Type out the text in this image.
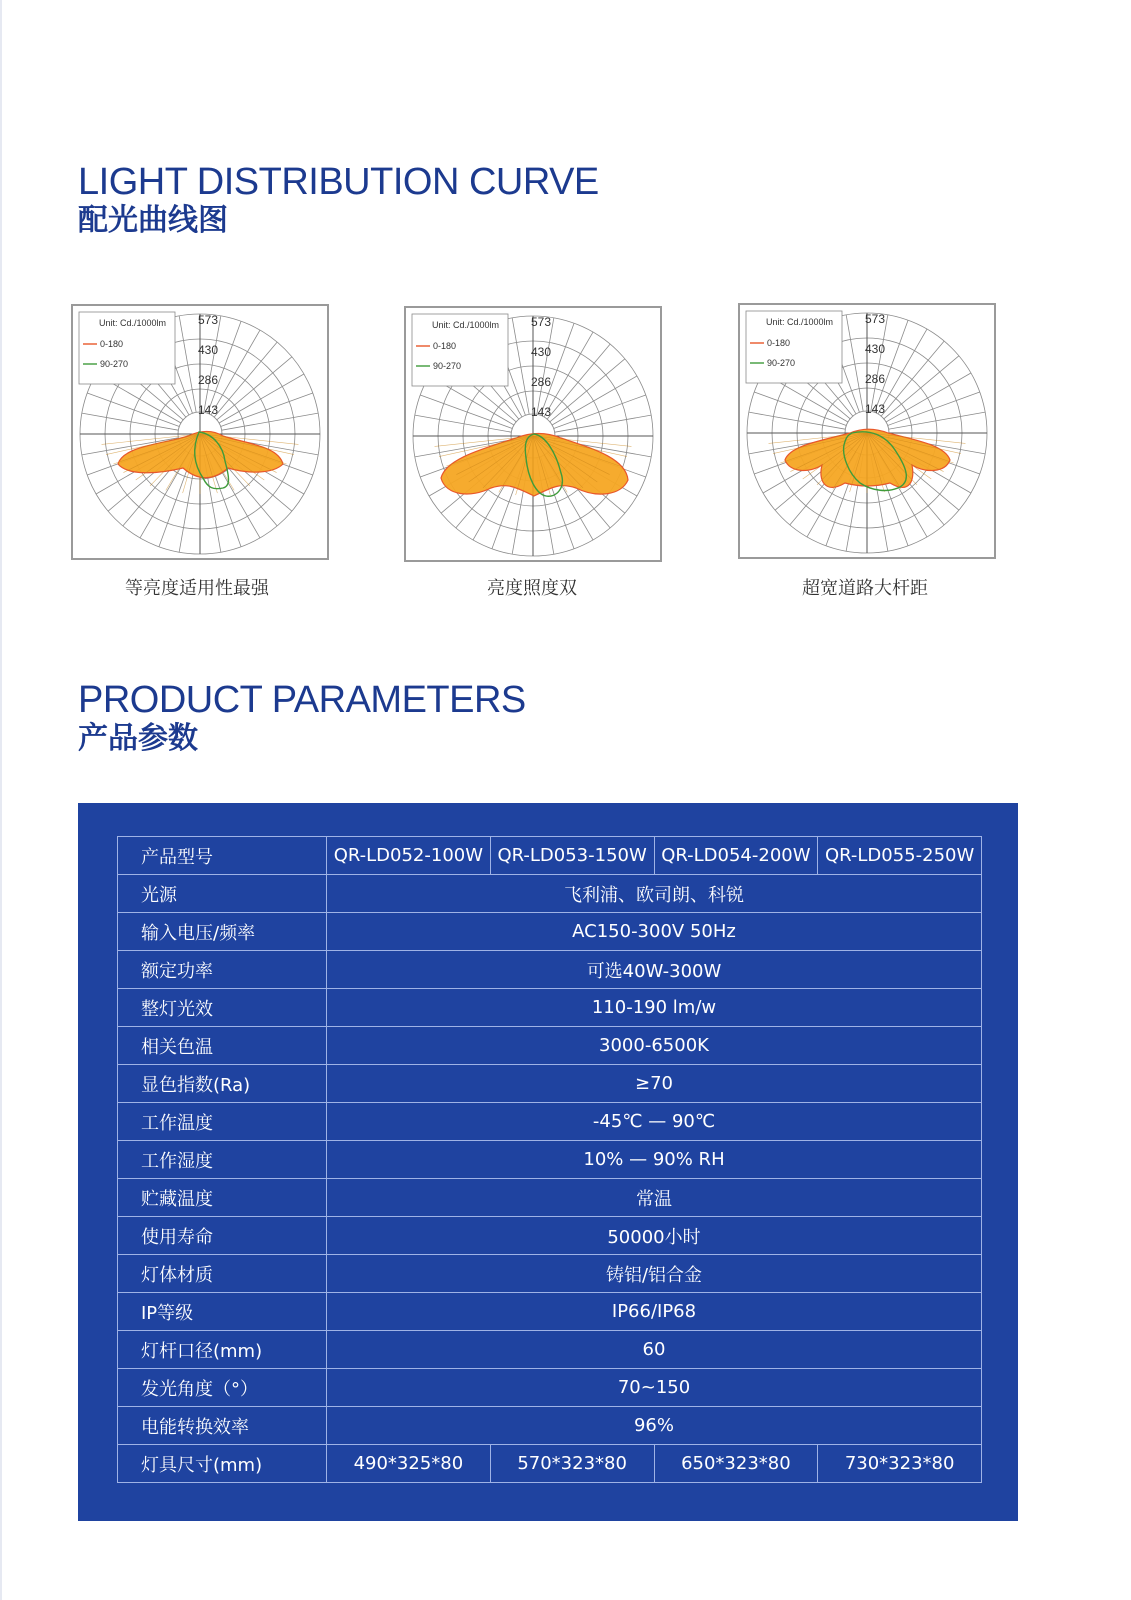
LIGHT DISTRIBUTION CURVE
配光曲线图
Unit: Cd./1000lm
0-180
90-270
573
430
286
143
Unit: Cd./1000lm
0-180
90-270
573
430
286
143
Unit: Cd./1000lm
0-180
90-270
573
430
286
143
等亮度适用性最强	亮度照度双	超宽道路大杆距
PRODUCT PARAMETERS
产品参数
产品型号	QR-LD052-100W	QR-LD053-150W	QR-LD054-200W	QR-LD055-250W
光源	飞利浦、欧司朗、科锐			
输入电压/频率	AC150-300V 50Hz			
额定功率	可选40W-300W			
整灯光效	110-190 lm/w			
相关色温	3000-6500K			
显色指数(Ra)	≥70			
工作温度	-45℃ — 90℃			
工作湿度	10% — 90% RH			
贮藏温度	常温			
使用寿命	50000小时			
灯体材质	铸铝/铝合金			
IP等级	IP66/IP68			
灯杆口径(mm)	60			
发光角度（°）	70~150			
电能转换效率	96%			
灯具尺寸(mm)	490*325*80	570*323*80	650*323*80	730*323*80
